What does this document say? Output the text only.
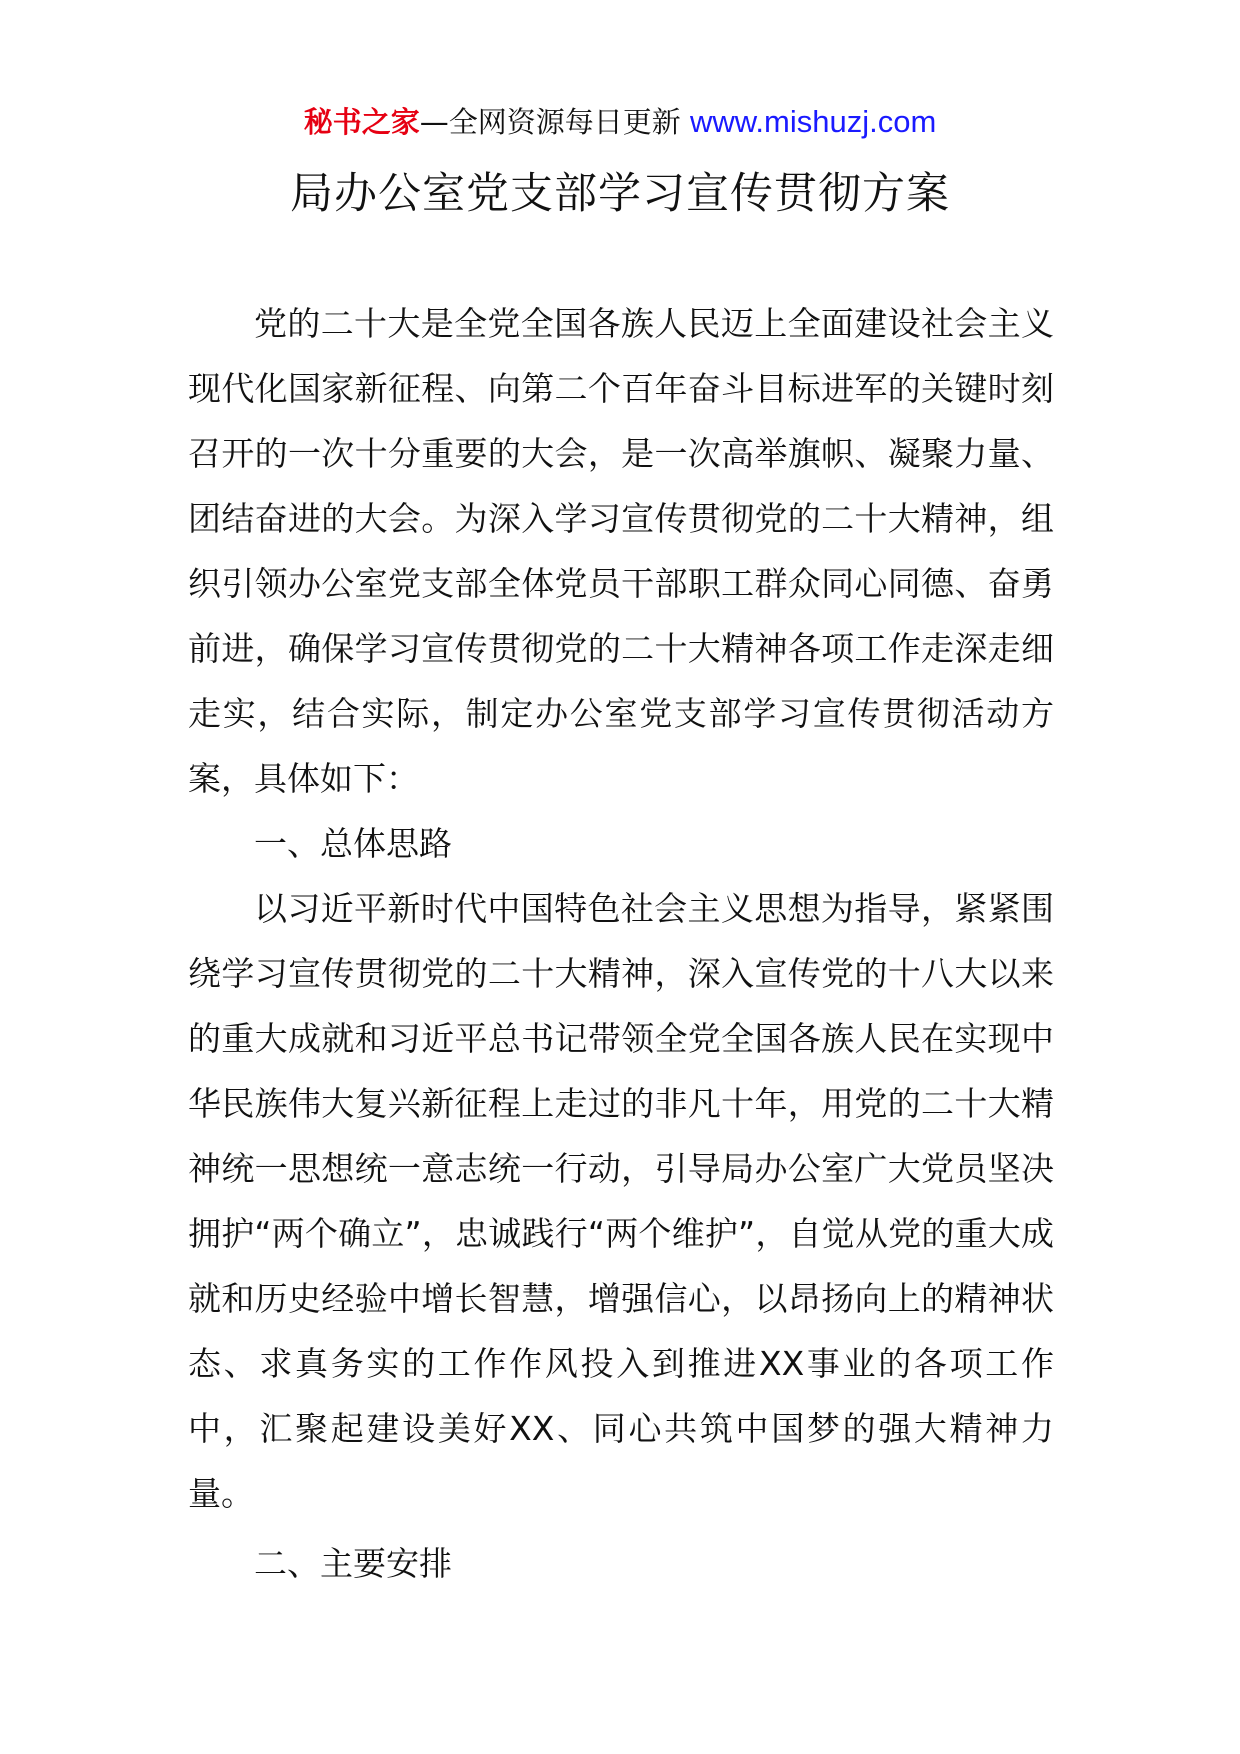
秘书之家—全网资源每日更新 www.mishuzj.com
局办公室党支部学习宣传贯彻方案

党的二十大是全党全国各族人民迈上全面建设社会主义现代化国家新征程、向第二个百年奋斗目标进军的关键时刻召开的一次十分重要的大会，是一次高举旗帜、凝聚力量、团结奋进的大会。为深入学习宣传贯彻党的二十大精神，组织引领办公室党支部全体党员干部职工群众同心同德、奋勇前进，确保学习宣传贯彻党的二十大精神各项工作走深走细走实，结合实际，制定办公室党支部学习宣传贯彻活动方案，具体如下：

一、总体思路

以习近平新时代中国特色社会主义思想为指导，紧紧围绕学习宣传贯彻党的二十大精神，深入宣传党的十八大以来的重大成就和习近平总书记带领全党全国各族人民在实现中华民族伟大复兴新征程上走过的非凡十年，用党的二十大精神统一思想统一意志统一行动，引导局办公室广大党员坚决拥护“两个确立”，忠诚践行“两个维护”，自觉从党的重大成就和历史经验中增长智慧，增强信心，以昂扬向上的精神状态、求真务实的工作作风投入到推进XX事业的各项工作中，汇聚起建设美好XX、同心共筑中国梦的强大精神力量。

二、主要安排
